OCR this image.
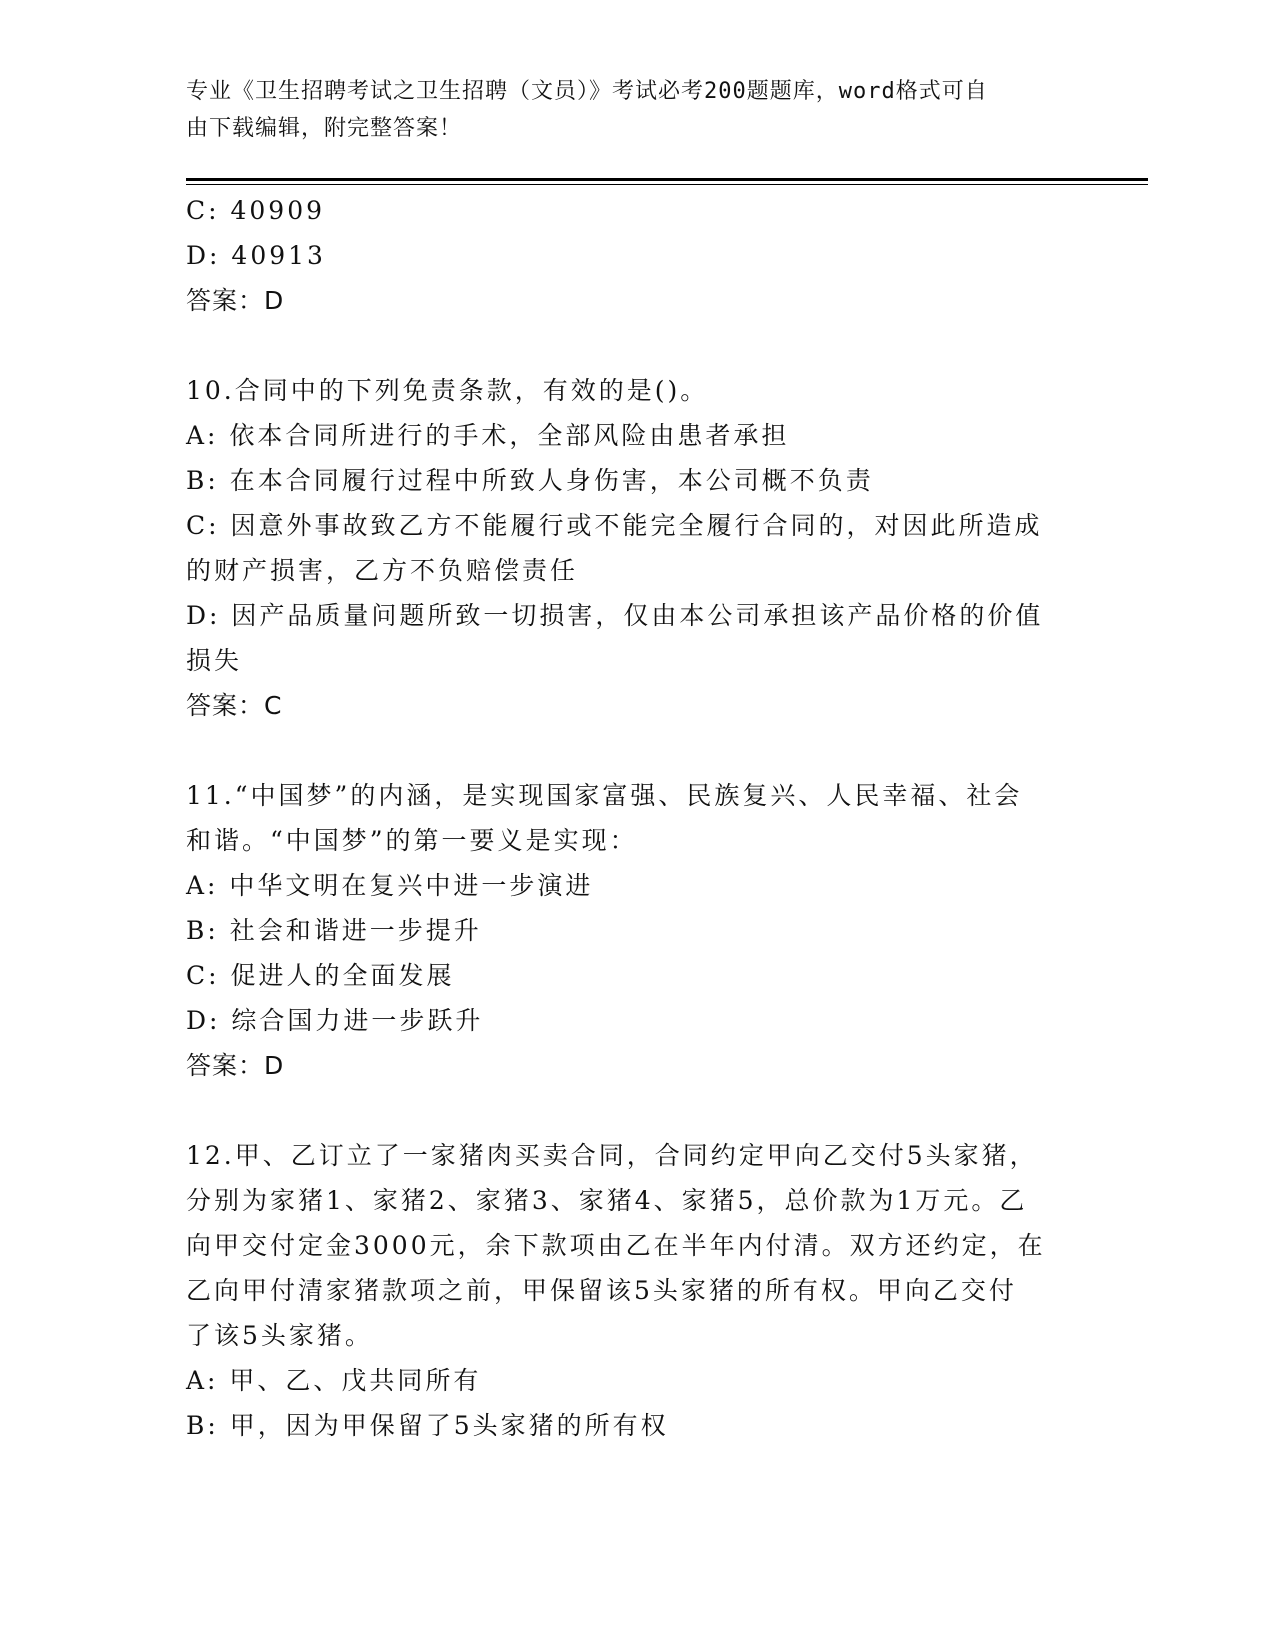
专业《卫生招聘考试之卫生招聘（文员）》考试必考200题题库，word格式可自
由下载编辑，附完整答案！
C: 40909
D: 40913
答案：D
10.合同中的下列免责条款，有效的是()。
A: 依本合同所进行的手术，全部风险由患者承担
B: 在本合同履行过程中所致人身伤害，本公司概不负责
C: 因意外事故致乙方不能履行或不能完全履行合同的，对因此所造成
的财产损害，乙方不负赔偿责任
D: 因产品质量问题所致一切损害，仅由本公司承担该产品价格的价值
损失
答案：C
11.“中国梦”的内涵，是实现国家富强、民族复兴、人民幸福、社会
和谐。“中国梦”的第一要义是实现：
A: 中华文明在复兴中进一步演进
B: 社会和谐进一步提升
C: 促进人的全面发展
D: 综合国力进一步跃升
答案：D
12.甲、乙订立了一家猪肉买卖合同，合同约定甲向乙交付5头家猪，
分别为家猪1、家猪2、家猪3、家猪4、家猪5，总价款为1万元。乙
向甲交付定金3000元，余下款项由乙在半年内付清。双方还约定，在
乙向甲付清家猪款项之前，甲保留该5头家猪的所有权。甲向乙交付
了该5头家猪。
A: 甲、乙、戊共同所有
B: 甲，因为甲保留了5头家猪的所有权
